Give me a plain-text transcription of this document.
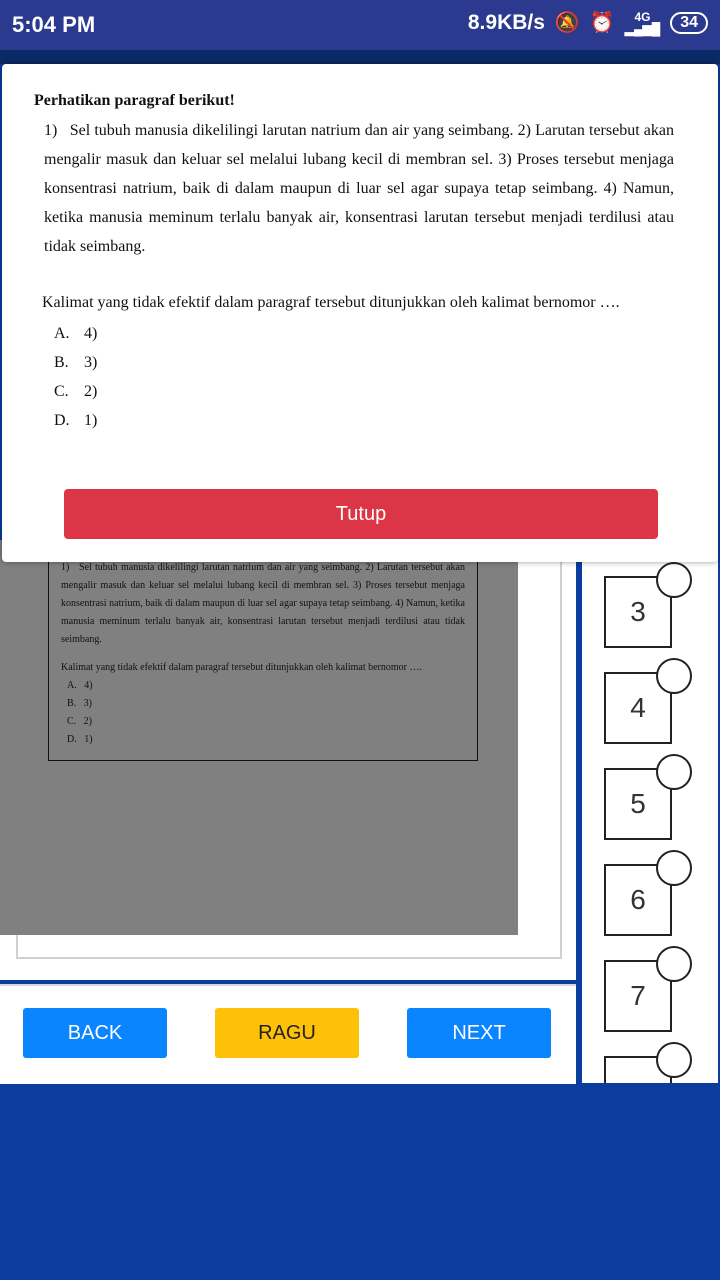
5:04 PM	8.9KB/s 🔕 ⏰	4G
▂▄▆█	34
1)   Sel tubuh manusia dikelilingi larutan natrium dan air yang seimbang. 2) Larutan tersebut akan mengalir masuk dan keluar sel melalui lubang kecil di membran sel. 3) Proses tersebut menjaga konsentrasi natrium, baik di dalam maupun di luar sel agar supaya tetap seimbang. 4) Namun, ketika manusia meminum terlalu banyak air, konsentrasi larutan tersebut menjadi terdilusi atau tidak seimbang.
Kalimat yang tidak efektif dalam paragraf tersebut ditunjukkan oleh kalimat bernomor ….
A.   4)
B.   3)
C.   2)
D.   1)
3
4
5
6
7
BACK	RAGU	NEXT
Perhatikan paragraf berikut!
1)   Sel tubuh manusia dikelilingi larutan natrium dan air yang seimbang. 2) Larutan tersebut akan mengalir masuk dan keluar sel melalui lubang kecil di membran sel. 3) Proses tersebut menjaga konsentrasi natrium, baik di dalam maupun di luar sel agar supaya tetap seimbang. 4) Namun, ketika manusia meminum terlalu banyak air, konsentrasi larutan tersebut menjadi terdilusi atau tidak seimbang.
Kalimat yang tidak efektif dalam paragraf tersebut ditunjukkan oleh kalimat bernomor ….
A. 4)
B. 3)
C. 2)
D. 1)
Tutup
